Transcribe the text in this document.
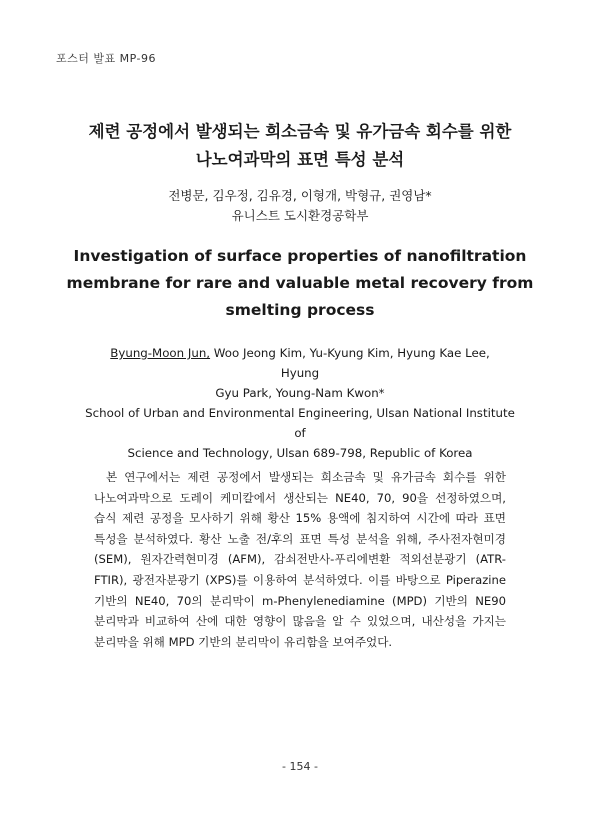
포스터 발표 MP-96
제련 공정에서 발생되는 희소금속 및 유가금속 회수를 위한
나노여과막의 표면 특성 분석
전병문, 김우정, 김유경, 이형개, 박형규, 권영남*
유니스트 도시환경공학부
Investigation of surface properties of nanofiltration
membrane for rare and valuable metal recovery from
smelting process
Byung-Moon Jun, Woo Jeong Kim, Yu-Kyung Kim, Hyung Kae Lee, Hyung
Gyu Park, Young-Nam Kwon*
School of Urban and Environmental Engineering, Ulsan National Institute of
Science and Technology, Ulsan 689-798, Republic of Korea
본 연구에서는 제련 공정에서 발생되는 희소금속 및 유가금속 회수를 위한 나노여과막으로 도레이 케미칼에서 생산되는 NE40, 70, 90을 선정하였으며, 습식 제련 공정을 모사하기 위해 황산 15% 용액에 침지하여 시간에 따라 표면 특성을 분석하였다. 황산 노출 전/후의 표면 특성 분석을 위해, 주사전자현미경(SEM), 원자간력현미경 (AFM), 감쇠전반사-푸리에변환 적외선분광기 (ATR-FTIR), 광전자분광기 (XPS)를 이용하여 분석하였다. 이를 바탕으로 Piperazine 기반의 NE40, 70의 분리막이 m-Phenylenediamine (MPD) 기반의 NE90 분리막과 비교하여 산에 대한 영향이 많음을 알 수 있었으며, 내산성을 가지는 분리막을 위해 MPD 기반의 분리막이 유리함을 보여주었다.
- 154 -
